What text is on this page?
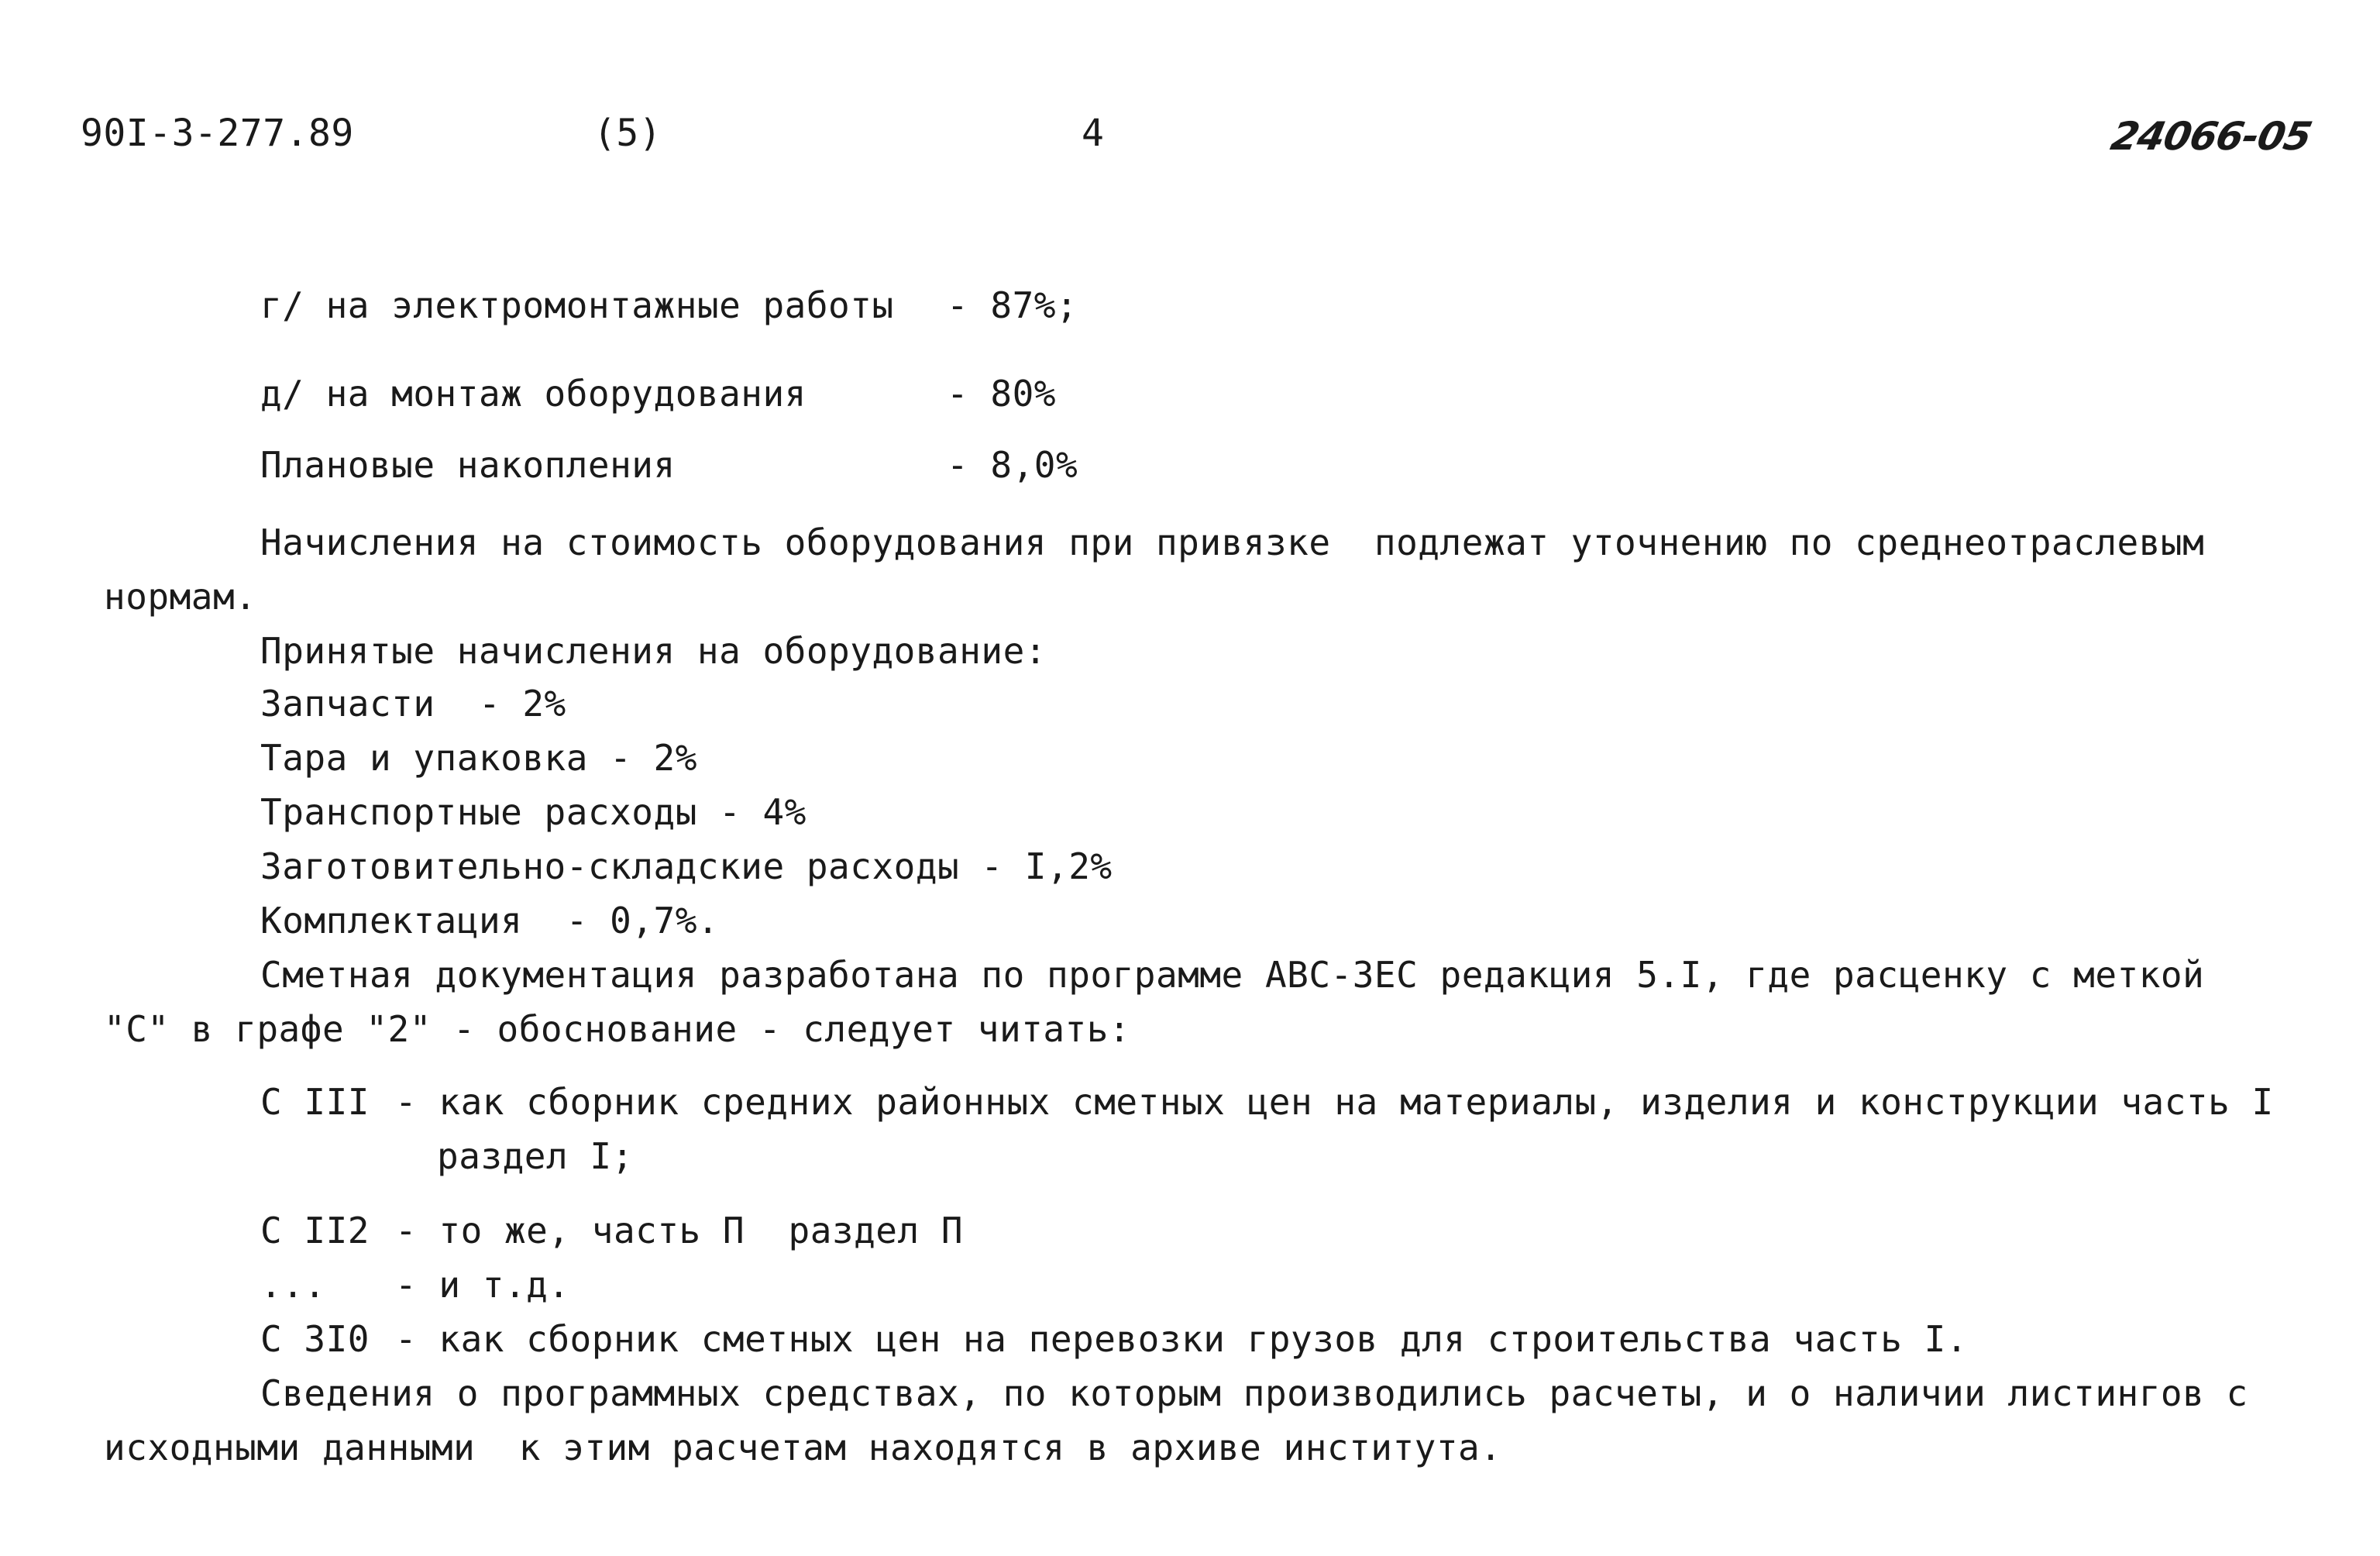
90I-3-277.89	(5)	4	24066-05
г/ на электромонтажные работы - 87%;
д/ на монтаж оборудования	- 80%
Плановые накопления	- 8,0%
Начисления на стоимость оборудования при привязке  подлежат уточнению по среднеотраслевым
нормам.
Принятые начисления на оборудование:
Запчасти  - 2%
Тара и упаковка - 2%
Транспортные расходы - 4%
Заготовительно-складские расходы - I,2%
Комплектация  - 0,7%.
Сметная документация разработана по программе АВС-ЗЕС редакция 5.I, где расценку с меткой
"С" в графе "2" - обоснование - следует читать:
С III - как сборник средних районных сметных цен на материалы, изделия и конструкции часть I
раздел I;
С II2 - то же, часть П  раздел П
... - и т.д.
С 3I0 - как сборник сметных цен на перевозки грузов для строительства часть I.
Сведения о программных средствах, по которым производились расчеты, и о наличии листингов с
исходными данными  к этим расчетам находятся в архиве института.
